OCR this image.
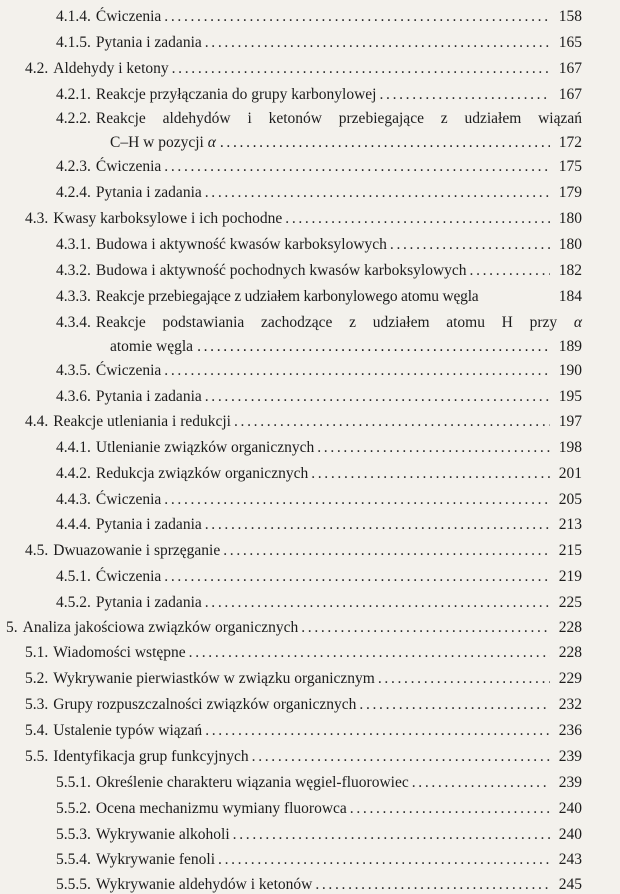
4.1.4. Ćwiczenia . . .	158
4.1.5. Pytania i zadania . . .	165
4.2. Aldehydy i ketony . . .	167
4.2.1. Reakcje przyłączania do grupy karbonylowej . . .	167
4.2.2. Reakcje aldehydów i ketonów przebiegające z udziałem wiązań
C–H w pozycji
α . . .	172
4.2.3. Ćwiczenia . . .	175
4.2.4. Pytania i zadania . . .	179
4.3. Kwasy karboksylowe i ich pochodne . . .	180
4.3.1. Budowa i aktywność kwasów karboksylowych . . .	180
4.3.2. Budowa i aktywność pochodnych kwasów karboksylowych . . .	182
4.3.3. Reakcje przebiegające z udziałem karbonylowego atomu węgla	184
4.3.4. Reakcje podstawiania zachodzące z udziałem atomu H przy α
atomie węgla . . .	189
4.3.5. Ćwiczenia . . .	190
4.3.6. Pytania i zadania . . .	195
4.4. Reakcje utleniania i redukcji . . .	197
4.4.1. Utlenianie związków organicznych . . .	198
4.4.2. Redukcja związków organicznych . . .	201
4.4.3. Ćwiczenia . . .	205
4.4.4. Pytania i zadania . . .	213
4.5. Dwuazowanie i sprzęganie . . .	215
4.5.1. Ćwiczenia . . .	219
4.5.2. Pytania i zadania . . .	225
5. Analiza jakościowa związków organicznych . . .	228
5.1. Wiadomości wstępne . . .	228
5.2. Wykrywanie pierwiastków w związku organicznym . . .	229
5.3. Grupy rozpuszczalności związków organicznych . . .	232
5.4. Ustalenie typów wiązań . . .	236
5.5. Identyfikacja grup funkcyjnych . . .	239
5.5.1. Określenie charakteru wiązania węgiel-fluorowiec . . .	239
5.5.2. Ocena mechanizmu wymiany fluorowca . . .	240
5.5.3. Wykrywanie alkoholi . . .	240
5.5.4. Wykrywanie fenoli . . .	243
5.5.5. Wykrywanie aldehydów i ketonów . . .	245
